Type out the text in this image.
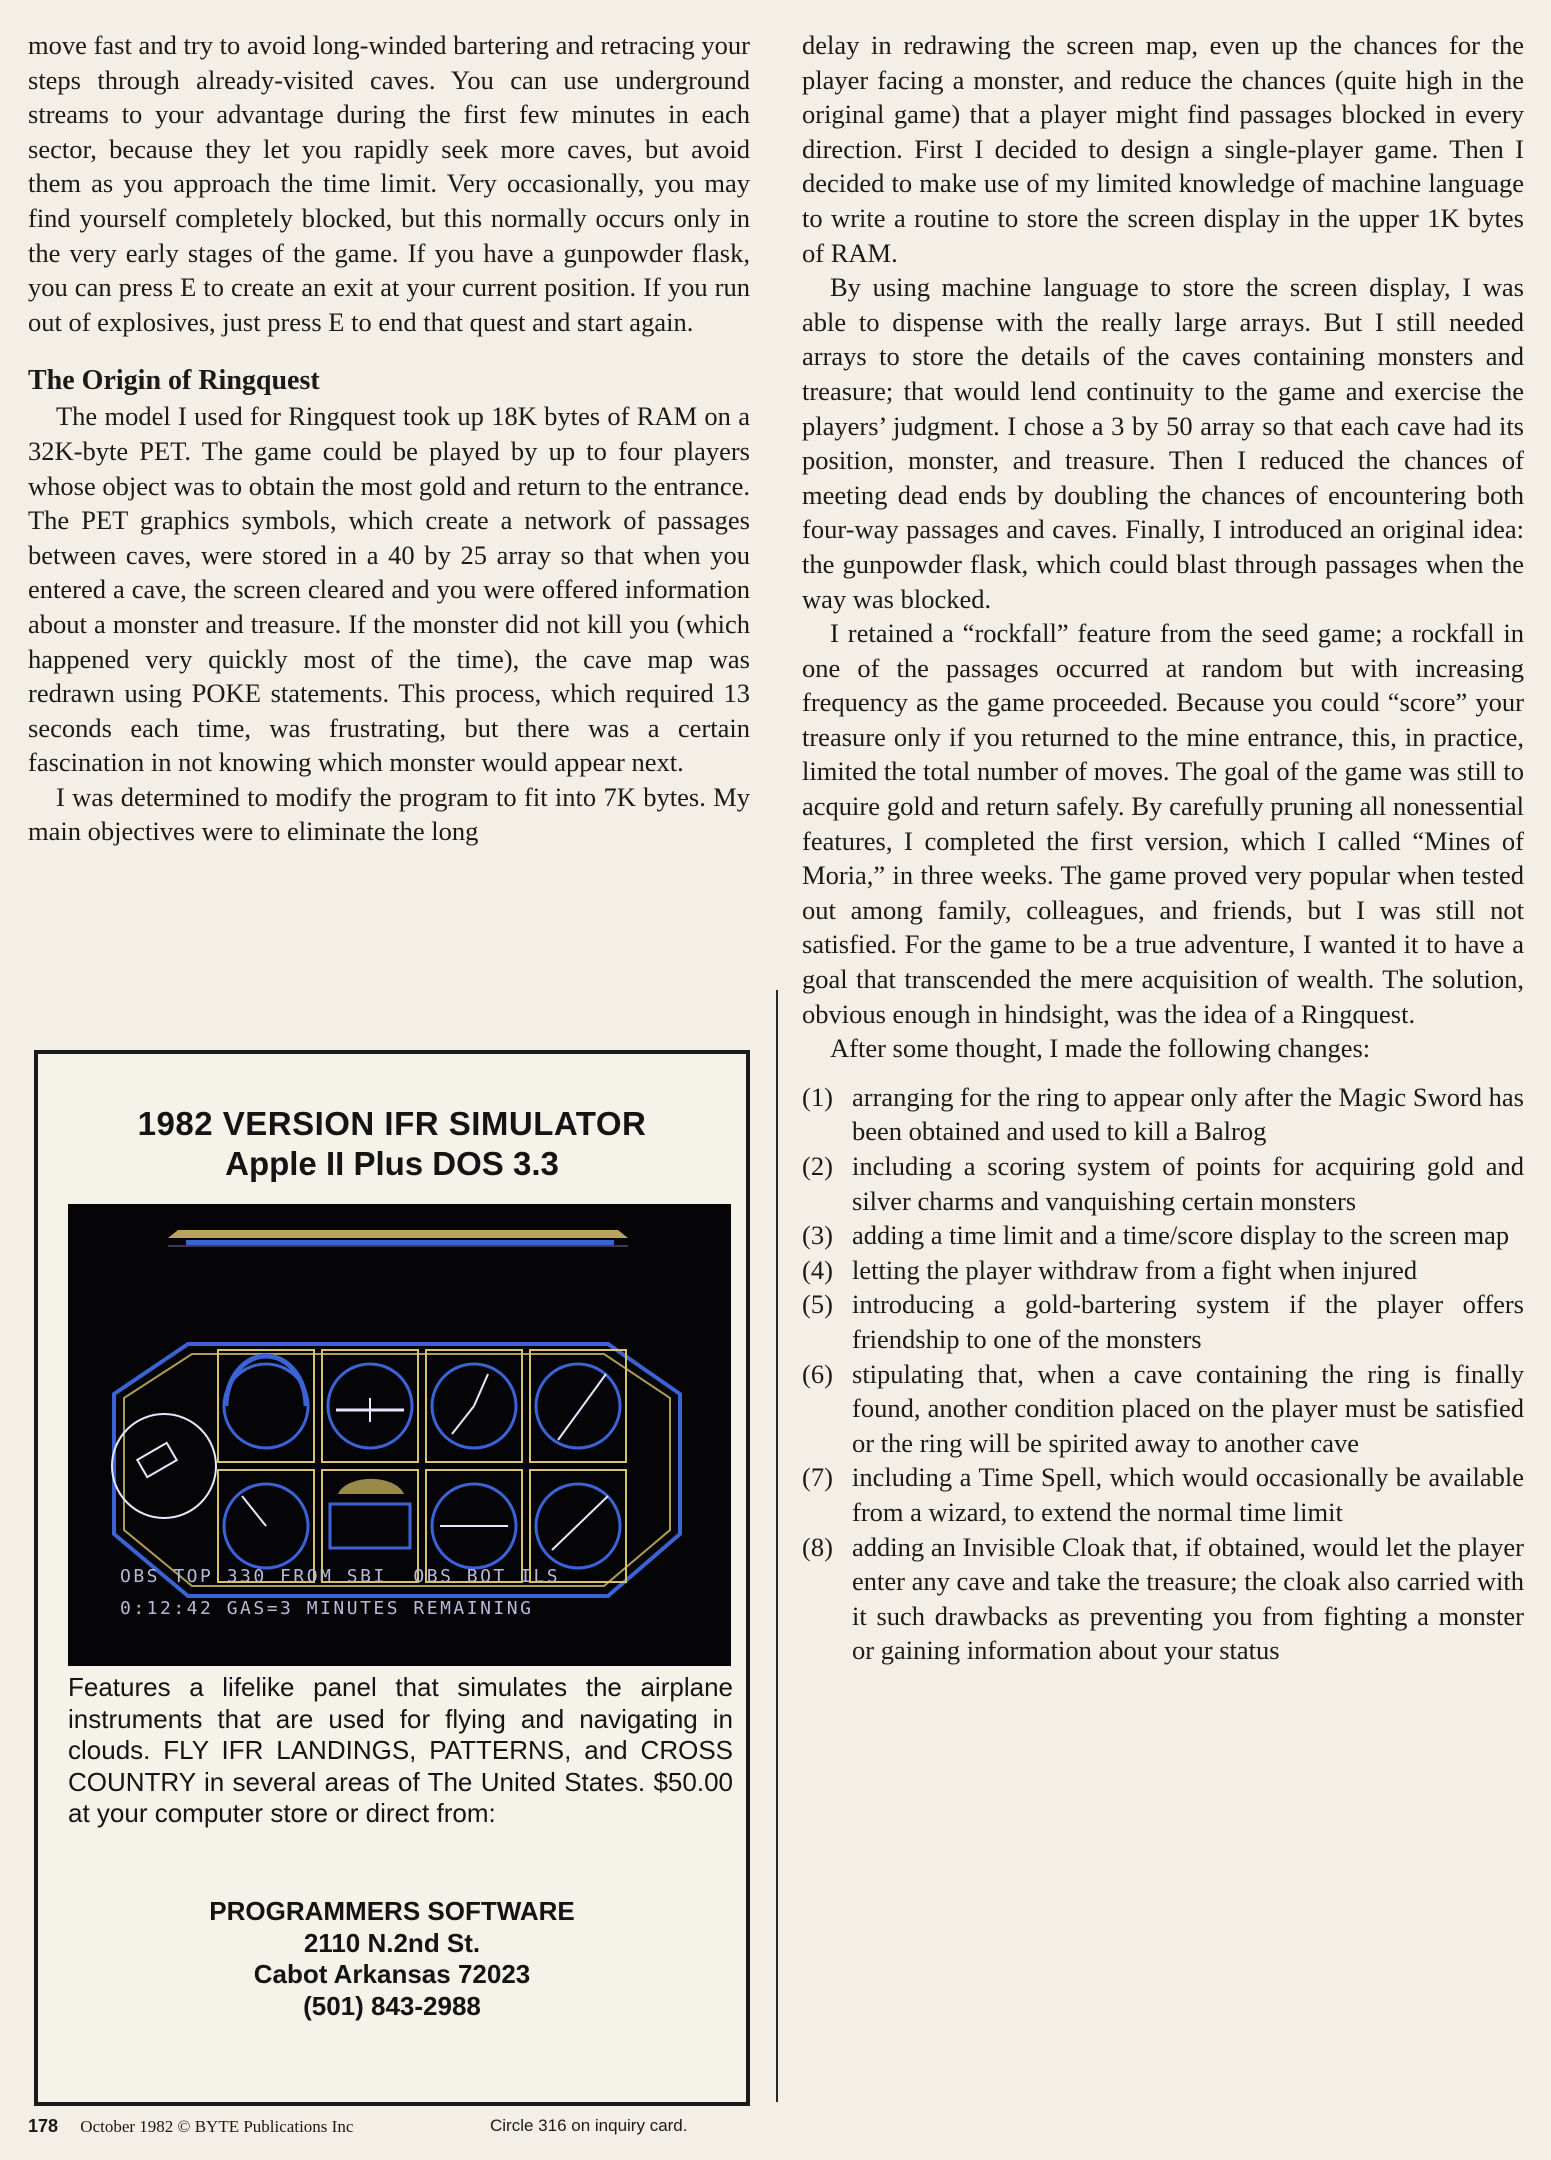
move fast and try to avoid long-winded bartering and retracing your steps through already-visited caves. You can use underground streams to your advantage during the first few minutes in each sector, because they let you rapidly seek more caves, but avoid them as you approach the time limit. Very occasionally, you may find yourself completely blocked, but this normally occurs only in the very early stages of the game. If you have a gunpowder flask, you can press E to create an exit at your current position. If you run out of explosives, just press E to end that quest and start again.

The Origin of Ringquest

The model I used for Ringquest took up 18K bytes of RAM on a 32K-byte PET. The game could be played by up to four players whose object was to obtain the most gold and return to the entrance. The PET graphics symbols, which create a network of passages between caves, were stored in a 40 by 25 array so that when you entered a cave, the screen cleared and you were offered information about a monster and treasure. If the monster did not kill you (which happened very quickly most of the time), the cave map was redrawn using POKE statements. This process, which required 13 seconds each time, was frustrating, but there was a certain fascination in not knowing which monster would appear next.

I was determined to modify the program to fit into 7K bytes. My main objectives were to eliminate the long

1982 VERSION IFR SIMULATOR
Apple II Plus DOS 3.3
OBS TOP 330 FROM SBI  OBS BOT ILS
0:12:42 GAS=3 MINUTES REMAINING
Features a lifelike panel that simulates the airplane instruments that are used for flying and navigating in clouds. FLY IFR LANDINGS, PATTERNS, and CROSS COUNTRY in several areas of The United States. $50.00 at your computer store or direct from:
PROGRAMMERS SOFTWARE
2110 N.2nd St.
Cabot Arkansas 72023
(501) 843-2988

delay in redrawing the screen map, even up the chances for the player facing a monster, and reduce the chances (quite high in the original game) that a player might find passages blocked in every direction. First I decided to design a single-player game. Then I decided to make use of my limited knowledge of machine language to write a routine to store the screen display in the upper 1K bytes of RAM.

By using machine language to store the screen display, I was able to dispense with the really large arrays. But I still needed arrays to store the details of the caves containing monsters and treasure; that would lend continuity to the game and exercise the players’ judgment. I chose a 3 by 50 array so that each cave had its position, monster, and treasure. Then I reduced the chances of meeting dead ends by doubling the chances of encountering both four-way passages and caves. Finally, I introduced an original idea: the gunpowder flask, which could blast through passages when the way was blocked.

I retained a “rockfall” feature from the seed game; a rockfall in one of the passages occurred at random but with increasing frequency as the game proceeded. Because you could “score” your treasure only if you returned to the mine entrance, this, in practice, limited the total number of moves. The goal of the game was still to acquire gold and return safely. By carefully pruning all nonessential features, I completed the first version, which I called “Mines of Moria,” in three weeks. The game proved very popular when tested out among family, colleagues, and friends, but I was still not satisfied. For the game to be a true adventure, I wanted it to have a goal that transcended the mere acquisition of wealth. The solution, obvious enough in hindsight, was the idea of a Ringquest.

After some thought, I made the following changes:

(1) arranging for the ring to appear only after the Magic Sword has been obtained and used to kill a Balrog
(2) including a scoring system of points for acquiring gold and silver charms and vanquishing certain monsters
(3) adding a time limit and a time/score display to the screen map
(4) letting the player withdraw from a fight when injured
(5) introducing a gold-bartering system if the player offers friendship to one of the monsters
(6) stipulating that, when a cave containing the ring is finally found, another condition placed on the player must be satisfied or the ring will be spirited away to another cave
(7) including a Time Spell, which would occasionally be available from a wizard, to extend the normal time limit
(8) adding an Invisible Cloak that, if obtained, would let the player enter any cave and take the treasure; the cloak also carried with it such drawbacks as preventing you from fighting a monster or gaining information about your status
178 October 1982 © BYTE Publications Inc	Circle 316 on inquiry card.
